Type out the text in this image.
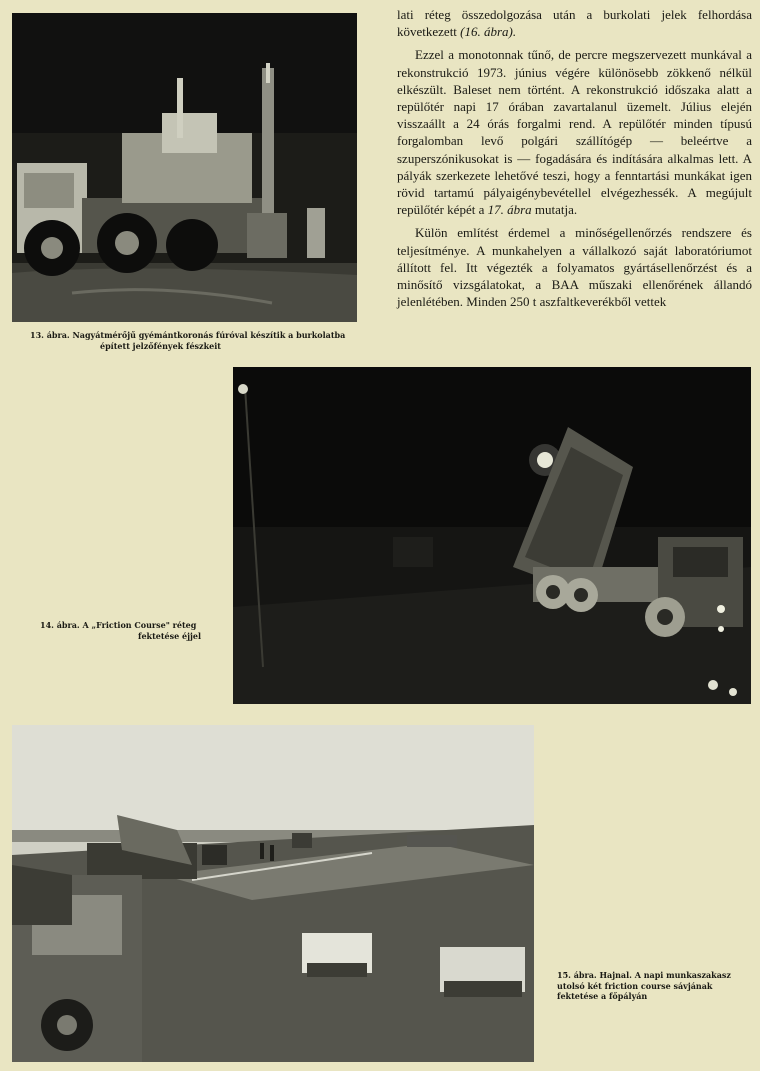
13. ábra. Nagyátmérőjű gyémántkoronás fúróval készítik a burkolatba
épített jelzőfények fészkeit

lati réteg összedolgozása után a burkolati jelek felhordása következett (16. ábra).

Ezzel a monotonnak tűnő, de percre megszervezett munkával a rekonstrukció 1973. június végére különösebb zökkenő nélkül elkészült. Baleset nem történt. A rekonstrukció időszaka alatt a repülőtér napi 17 órában zavartalanul üzemelt. Július elején visszaállt a 24 órás forgalmi rend. A repülőtér minden típusú forgalomban levő polgári szállítógép — beleértve a szuperszónikusokat is — fogadására és indítására alkalmas lett. A pályák szerkezete lehetővé teszi, hogy a fenntartási munkákat igen rövid tartamú pályaigénybevétellel elvégezhessék. A megújult repülőtér képét a 17. ábra mutatja.

Külön említést érdemel a minőségellenőrzés rendszere és teljesítménye. A munkahelyen a vállalkozó saját laboratóriumot állított fel. Itt végezték a folyamatos gyártásellenőrzést és a minősítő vizsgálatokat, a BAA műszaki ellenőrének állandó jelenlétében. Minden 250 t aszfaltkeverékből vettek

14. ábra. A „Friction Course" réteg
fektetése éjjel
15. ábra. Hajnal. A napi munkaszakasz
utolsó két friction course sávjának
fektetése a főpályán
